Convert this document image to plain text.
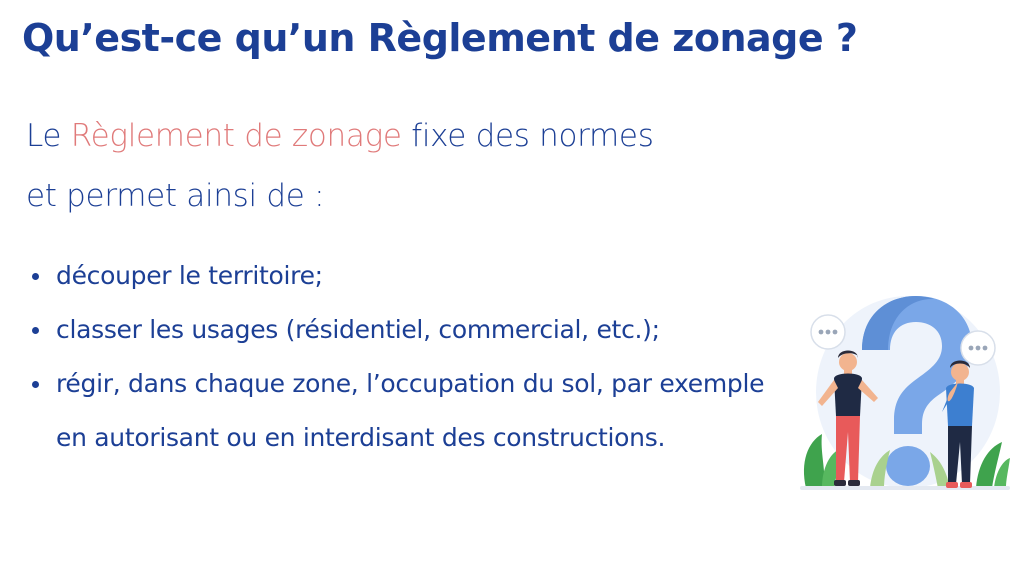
Qu’est-ce qu’un Règlement de zonage ?

Le Règlement de zonage fixe des normes
et permet ainsi de :

découper le territoire;
classer les usages (résidentiel, commercial, etc.);
régir, dans chaque zone, l’occupation du sol, par exemple en autorisant ou en interdisant des constructions.
